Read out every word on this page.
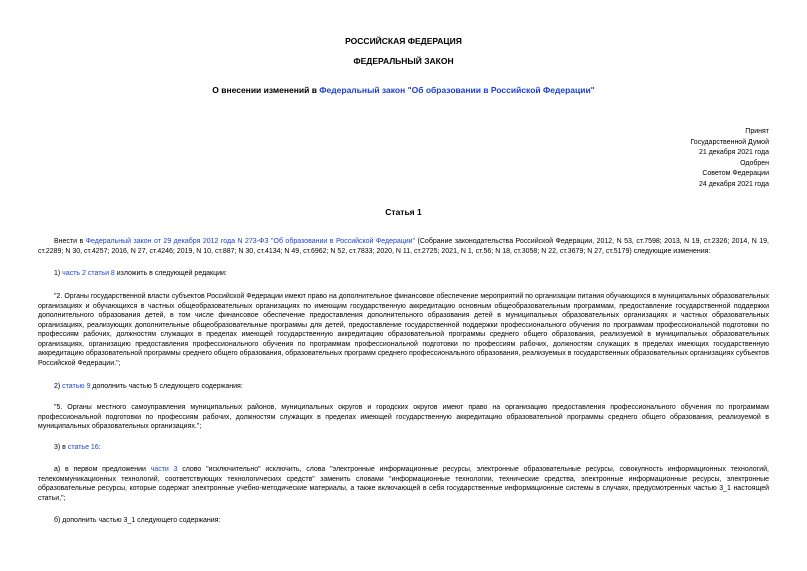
РОССИЙСКАЯ ФЕДЕРАЦИЯ
ФЕДЕРАЛЬНЫЙ ЗАКОН
О внесении изменений в Федеральный закон "Об образовании в Российской Федерации"
Принят
Государственной Думой
21 декабря 2021 года
Одобрен
Советом Федерации
24 декабря 2021 года
Статья 1

Внести в Федеральный закон от 29 декабря 2012 года N 273-ФЗ "Об образовании в Российской Федерации" (Собрание законодательства Российской Федерации, 2012, N 53, ст.7598; 2013, N 19, ст.2326; 2014, N 19, ст.2289; N 30, ст.4257; 2016, N 27, ст.4246; 2019, N 10, ст.887; N 30, ст.4134; N 49, ст.6962; N 52, ст.7833; 2020, N 11, ст.2725; 2021, N 1, ст.56; N 18, ст.3058; N 22, ст.3679; N 27, ст.5179) следующие изменения:

1) часть 2 статьи 8 изложить в следующей редакции:

"2. Органы государственной власти субъектов Российской Федерации имеют право на дополнительное финансовое обеспечение мероприятий по организации питания обучающихся в муниципальных образовательных организациях и обучающихся в частных общеобразовательных организациях по имеющим государственную аккредитацию основным общеобразовательным программам, предоставление государственной поддержки дополнительного образования детей, в том числе финансовое обеспечение предоставления дополнительного образования детей в муниципальных образовательных организациях и частных образовательных организациях, реализующих дополнительные общеобразовательные программы для детей, предоставление государственной поддержки профессионального обучения по программам профессиональной подготовки по профессиям рабочих, должностям служащих в пределах имеющей государственную аккредитацию образовательной программы среднего общего образования, реализуемой в муниципальных образовательных организациях, организацию предоставления профессионального обучения по программам профессиональной подготовки по профессиям рабочих, должностям служащих в пределах имеющих государственную аккредитацию образовательной программы среднего общего образования, образовательных программ среднего профессионального образования, реализуемых в государственных образовательных организациях субъектов Российской Федерации.";

2) статью 9 дополнить частью 5 следующего содержания:

"5. Органы местного самоуправления муниципальных районов, муниципальных округов и городских округов имеют право на организацию предоставления профессионального обучения по программам профессиональной подготовки по профессиям рабочих, должностям служащих в пределах имеющей государственную аккредитацию образовательной программы среднего общего образования, реализуемой в муниципальных образовательных организациях.";

3) в статье 16:

а) в первом предложении части 3 слово "исключительно" исключить, слова "электронные информационные ресурсы, электронные образовательные ресурсы, совокупность информационных технологий, телекоммуникационных технологий, соответствующих технологических средств" заменить словами "информационные технологии, технические средства, электронные информационные ресурсы, электронные образовательные ресурсы, которые содержат электронные учебно-методические материалы, а также включающей в себя государственные информационные системы в случаях, предусмотренных частью 3_1 настоящей статьи,";

б) дополнить частью 3_1 следующего содержания:
